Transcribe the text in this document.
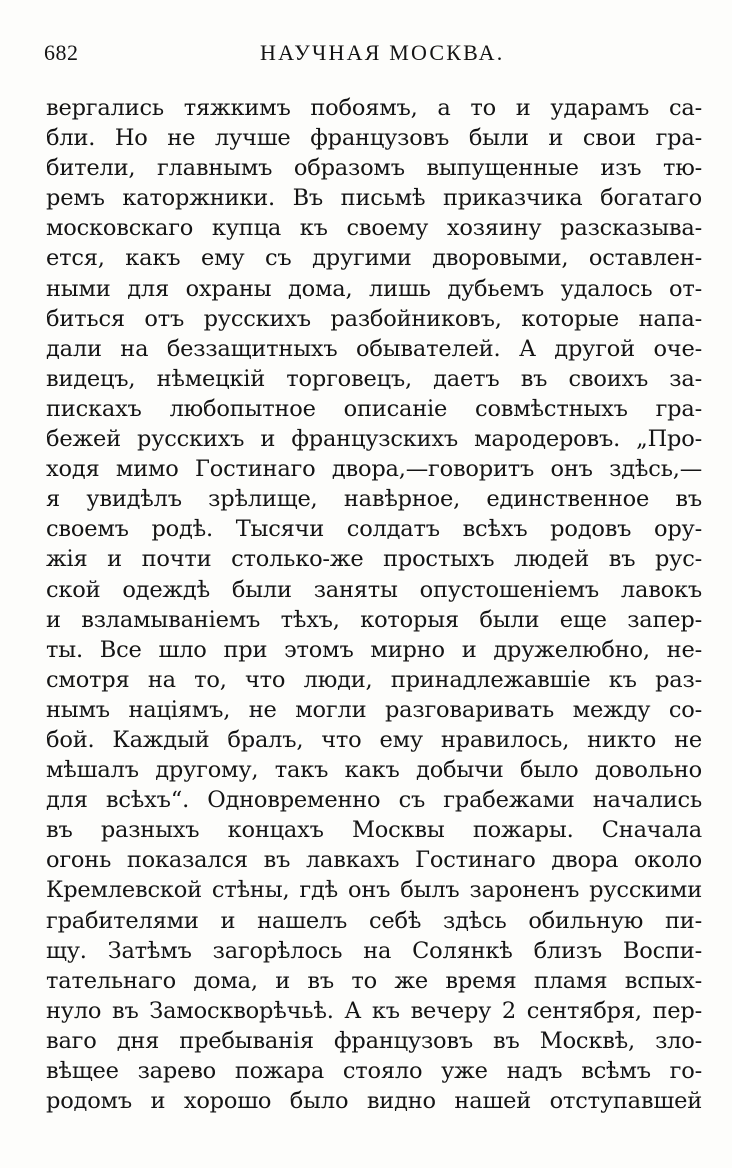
682	НАУЧНАЯ МОСКВА.
вергались тяжкимъ побоямъ, а то и ударамъ са-
бли. Но не лучше французовъ были и свои гра-
бители, главнымъ образомъ выпущенные изъ тю-
ремъ каторжники. Въ письмѣ приказчика богатаго
московскаго купца къ своему хозяину разсказыва-
ется, какъ ему съ другими дворовыми, оставлен-
ными для охраны дома, лишь дубьемъ удалось от-
биться отъ русскихъ разбойниковъ, которые напа-
дали на беззащитныхъ обывателей. А другой оче-
видецъ, нѣмецкій торговецъ, даетъ въ своихъ за-
пискахъ любопытное описаніе совмѣстныхъ гра-
бежей русскихъ и французскихъ мародеровъ. „Про-
ходя мимо Гостинаго двора,—говоритъ онъ здѣсь,—
я увидѣлъ зрѣлище, навѣрное, единственное въ
своемъ родѣ. Тысячи солдатъ всѣхъ родовъ ору-
жія и почти столько-же простыхъ людей въ рус-
ской одеждѣ были заняты опустошеніемъ лавокъ
и взламываніемъ тѣхъ, которыя были еще запер-
ты. Все шло при этомъ мирно и дружелюбно, не-
смотря на то, что люди, принадлежавшіе къ раз-
нымъ націямъ, не могли разговаривать между со-
бой. Каждый бралъ, что ему нравилось, никто не
мѣшалъ другому, такъ какъ добычи было довольно
для всѣхъ“. Одновременно съ грабежами начались
въ разныхъ концахъ Москвы пожары. Сначала
огонь показался въ лавкахъ Гостинаго двора около
Кремлевской стѣны, гдѣ онъ былъ зароненъ русскими
грабителями и нашелъ себѣ здѣсь обильную пи-
щу. Затѣмъ загорѣлось на Солянкѣ близъ Воспи-
тательнаго дома, и въ то же время пламя вспых-
нуло въ Замоскворѣчьѣ. А къ вечеру 2 сентября, пер-
ваго дня пребыванія французовъ въ Москвѣ, зло-
вѣщее зарево пожара стояло уже надъ всѣмъ го-
родомъ и хорошо было видно нашей отступавшей
